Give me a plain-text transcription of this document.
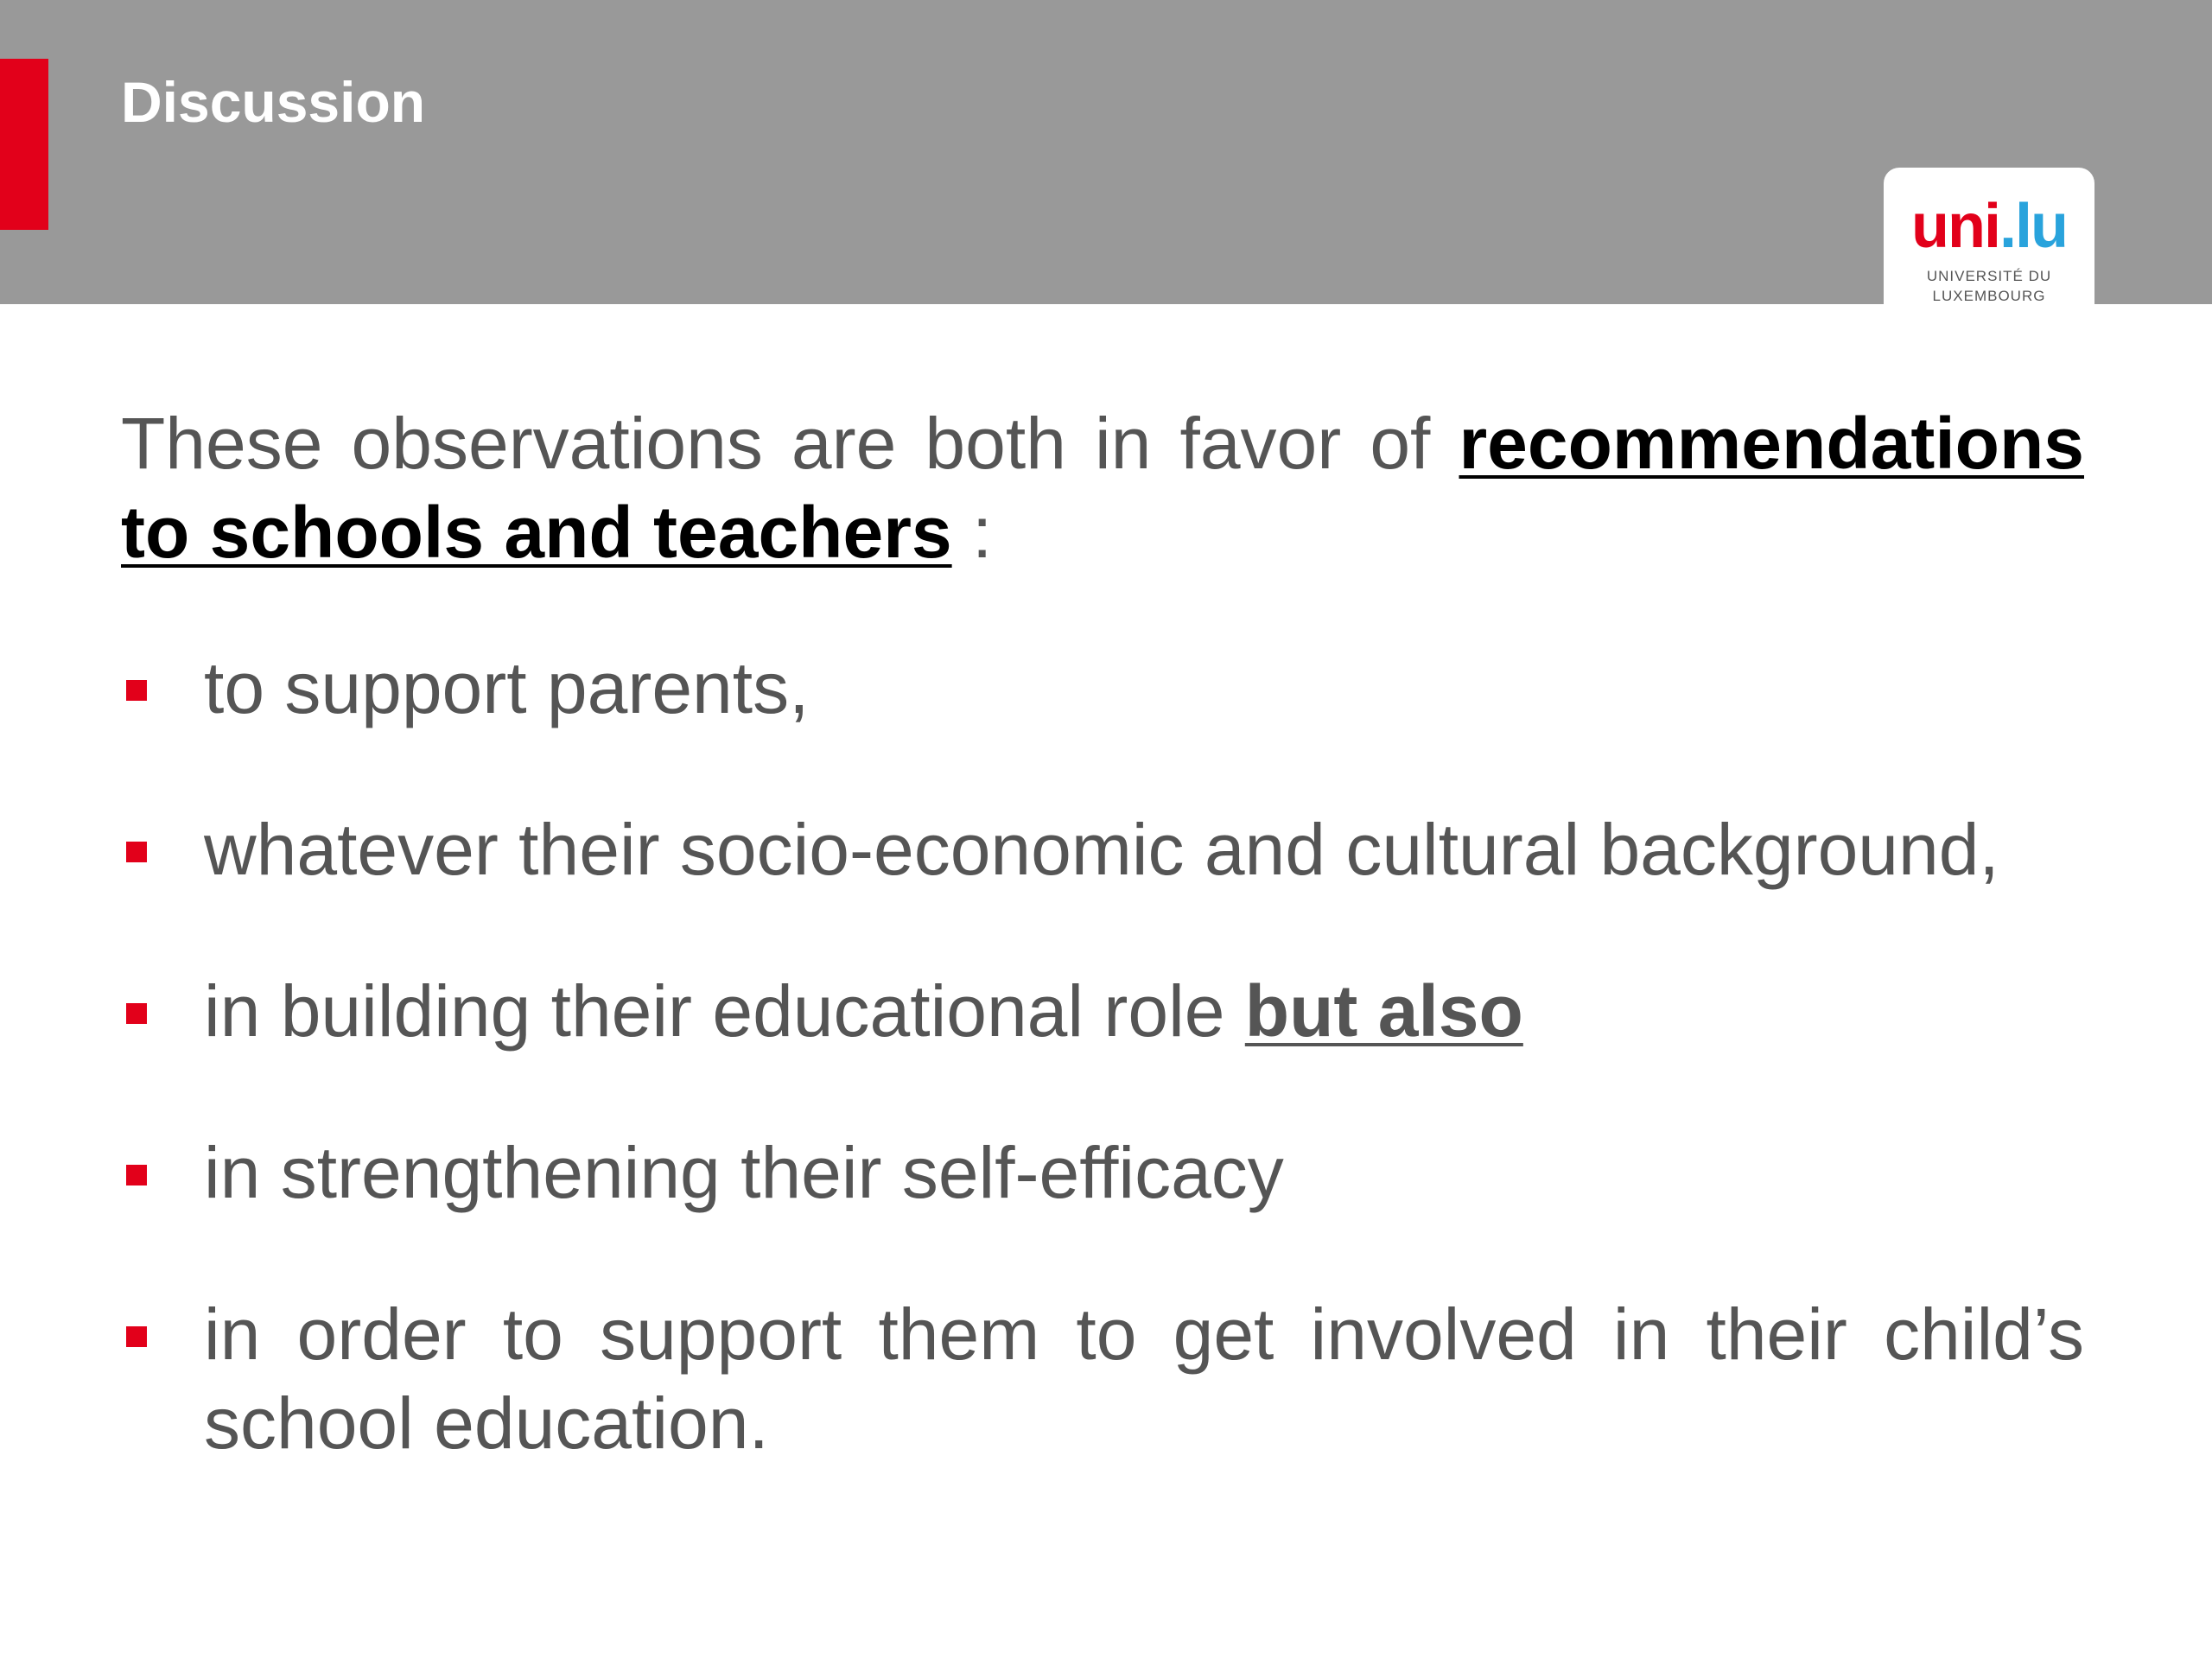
Discussion
uni.lu
UNIVERSITÉ DU
LUXEMBOURG

These observations are both in favor of recommendations to schools and teachers :

to support parents,
whatever their socio-economic and cultural background,
in building their educational role but also
in strengthening their self-efficacy
in order to support them to get involved in their child’s school education.
